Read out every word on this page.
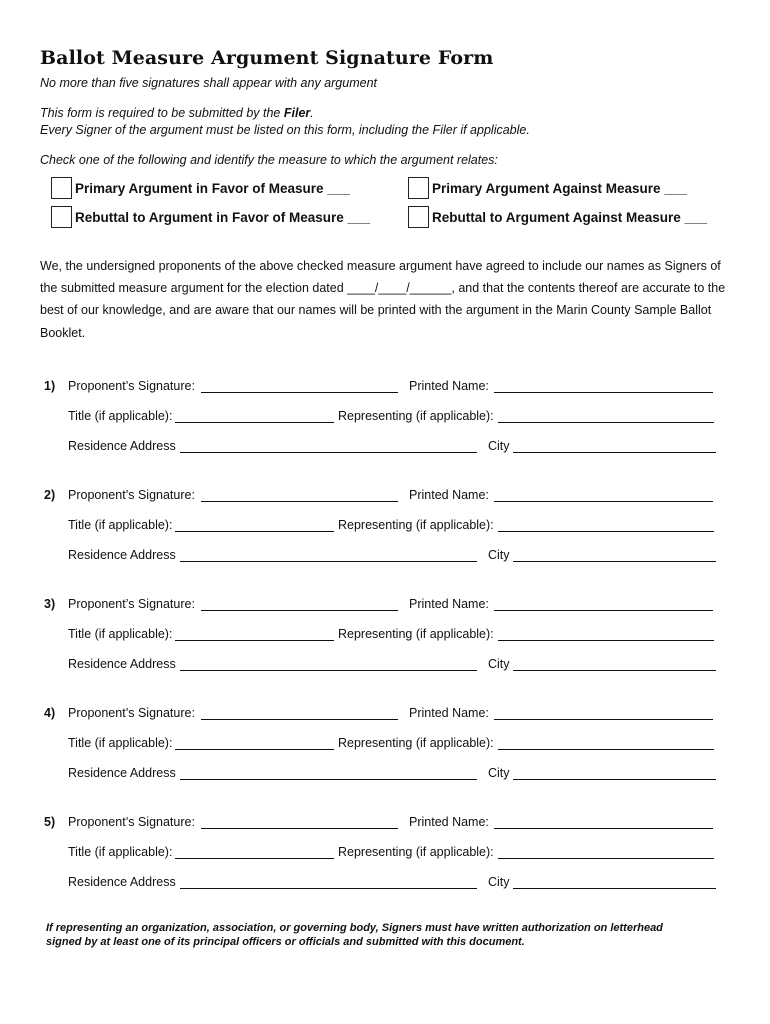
Ballot Measure Argument Signature Form
No more than five signatures shall appear with any argument
This form is required to be submitted by the Filer.
Every Signer of the argument must be listed on this form, including the Filer if applicable.
Check one of the following and identify the measure to which the argument relates:
Primary Argument in Favor of Measure ___	Primary Argument Against Measure ___
Rebuttal to Argument in Favor of Measure ___	Rebuttal to Argument Against Measure ___
We, the undersigned proponents of the above checked measure argument have agreed to include our names as Signers of
the submitted measure argument for the election dated ____/____/______, and that the contents thereof are accurate to the
best of our knowledge, and are aware that our names will be printed with the argument in the Marin County Sample Ballot
Booklet.
1) Proponent’s Signature:	Printed Name:
Title (if applicable):	Representing (if applicable):
Residence Address	City
2) Proponent’s Signature:	Printed Name:
Title (if applicable):	Representing (if applicable):
Residence Address	City
3) Proponent’s Signature:	Printed Name:
Title (if applicable):	Representing (if applicable):
Residence Address	City
4) Proponent’s Signature:	Printed Name:
Title (if applicable):	Representing (if applicable):
Residence Address	City
5) Proponent’s Signature:	Printed Name:
Title (if applicable):	Representing (if applicable):
Residence Address	City
If representing an organization, association, or governing body, Signers must have written authorization on letterhead
signed by at least one of its principal officers or officials and submitted with this document.
